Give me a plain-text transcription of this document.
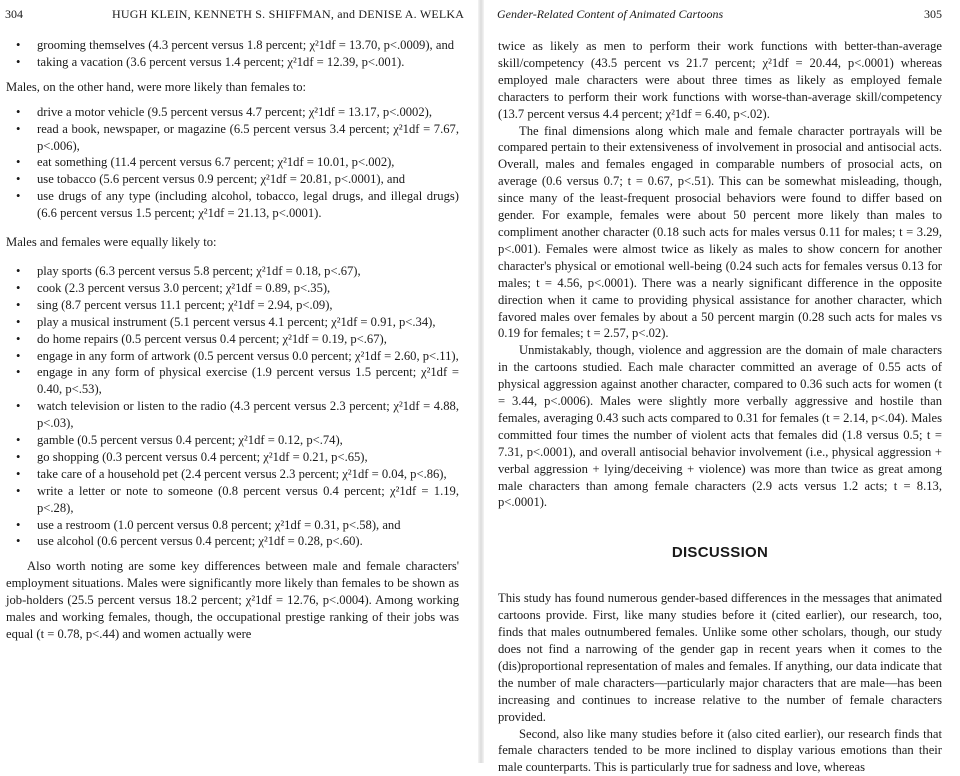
304	HUGH KLEIN, KENNETH S. SHIFFMAN, and DENISE A. WELKA
• grooming themselves (4.3 percent versus 1.8 percent; χ²1df = 13.70, p<.0009), and
• taking a vacation (3.6 percent versus 1.4 percent; χ²1df = 12.39, p<.001).

Males, on the other hand, were more likely than females to:

• drive a motor vehicle (9.5 percent versus 4.7 percent; χ²1df = 13.17, p<.0002),
• read a book, newspaper, or magazine (6.5 percent versus 3.4 percent; χ²1df = 7.67, p<.006),
• eat something (11.4 percent versus 6.7 percent; χ²1df = 10.01, p<.002),
• use tobacco (5.6 percent versus 0.9 percent; χ²1df = 20.81, p<.0001), and
• use drugs of any type (including alcohol, tobacco, legal drugs, and illegal drugs) (6.6 percent versus 1.5 percent; χ²1df = 21.13, p<.0001).

Males and females were equally likely to:

• play sports (6.3 percent versus 5.8 percent; χ²1df = 0.18, p<.67),
• cook (2.3 percent versus 3.0 percent; χ²1df = 0.89, p<.35),
• sing (8.7 percent versus 11.1 percent; χ²1df = 2.94, p<.09),
• play a musical instrument (5.1 percent versus 4.1 percent; χ²1df = 0.91, p<.34),
• do home repairs (0.5 percent versus 0.4 percent; χ²1df = 0.19, p<.67),
• engage in any form of artwork (0.5 percent versus 0.0 percent; χ²1df = 2.60, p<.11),
• engage in any form of physical exercise (1.9 percent versus 1.5 percent; χ²1df = 0.40, p<.53),
• watch television or listen to the radio (4.3 percent versus 2.3 percent; χ²1df = 4.88, p<.03),
• gamble (0.5 percent versus 0.4 percent; χ²1df = 0.12, p<.74),
• go shopping (0.3 percent versus 0.4 percent; χ²1df = 0.21, p<.65),
• take care of a household pet (2.4 percent versus 2.3 percent; χ²1df = 0.04, p<.86),
• write a letter or note to someone (0.8 percent versus 0.4 percent; χ²1df = 1.19, p<.28),
• use a restroom (1.0 percent versus 0.8 percent; χ²1df = 0.31, p<.58), and
• use alcohol (0.6 percent versus 0.4 percent; χ²1df = 0.28, p<.60).

Also worth noting are some key differences between male and female characters' employment situations. Males were significantly more likely than females to be shown as job-holders (25.5 percent versus 18.2 percent; χ²1df = 12.76, p<.0004). Among working males and working females, though, the occupational prestige ranking of their jobs was equal (t = 0.78, p<.44) and women actually were

Gender-Related Content of Animated Cartoons	305

twice as likely as men to perform their work functions with better-than-average skill/competency (43.5 percent vs 21.7 percent; χ²1df = 20.44, p<.0001) whereas employed male characters were about three times as likely as employed female characters to perform their work functions with worse-than-average skill/competency (13.7 percent versus 4.4 percent; χ²1df = 6.40, p<.02).

The final dimensions along which male and female character portrayals will be compared pertain to their extensiveness of involvement in prosocial and antisocial acts. Overall, males and females engaged in comparable numbers of prosocial acts, on average (0.6 versus 0.7; t = 0.67, p<.51). This can be somewhat misleading, though, since many of the least-frequent prosocial behaviors were found to differ based on gender. For example, females were about 50 percent more likely than males to compliment another character (0.18 such acts for males versus 0.11 for males; t = 3.29, p<.001). Females were almost twice as likely as males to show concern for another character's physical or emotional well-being (0.24 such acts for females versus 0.13 for males; t = 4.56, p<.0001). There was a nearly significant difference in the opposite direction when it came to providing physical assistance for another character, which favored males over females by about a 50 percent margin (0.28 such acts for males vs 0.19 for females; t = 2.57, p<.02).

Unmistakably, though, violence and aggression are the domain of male characters in the cartoons studied. Each male character committed an average of 0.55 acts of physical aggression against another character, compared to 0.36 such acts for women (t = 3.44, p<.0006). Males were slightly more verbally aggressive and hostile than females, averaging 0.43 such acts compared to 0.31 for females (t = 2.14, p<.04). Males committed four times the number of violent acts that females did (1.8 versus 0.5; t = 7.31, p<.0001), and overall antisocial behavior involvement (i.e., physical aggression + verbal aggression + lying/deceiving + violence) was more than twice as great among male characters than among female characters (2.9 acts versus 1.2 acts; t = 8.13, p<.0001).

DISCUSSION

This study has found numerous gender-based differences in the messages that animated cartoons provide. First, like many studies before it (cited earlier), our research, too, finds that males outnumbered females. Unlike some other scholars, though, our study does not find a narrowing of the gender gap in recent years when it comes to the (dis)proportional representation of males and females. If anything, our data indicate that the number of male characters—particularly major characters that are male—has been increasing and continues to increase relative to the number of female characters provided.

Second, also like many studies before it (also cited earlier), our research finds that female characters tended to be more inclined to display various emotions than their male counterparts. This is particularly true for sadness and love, whereas
